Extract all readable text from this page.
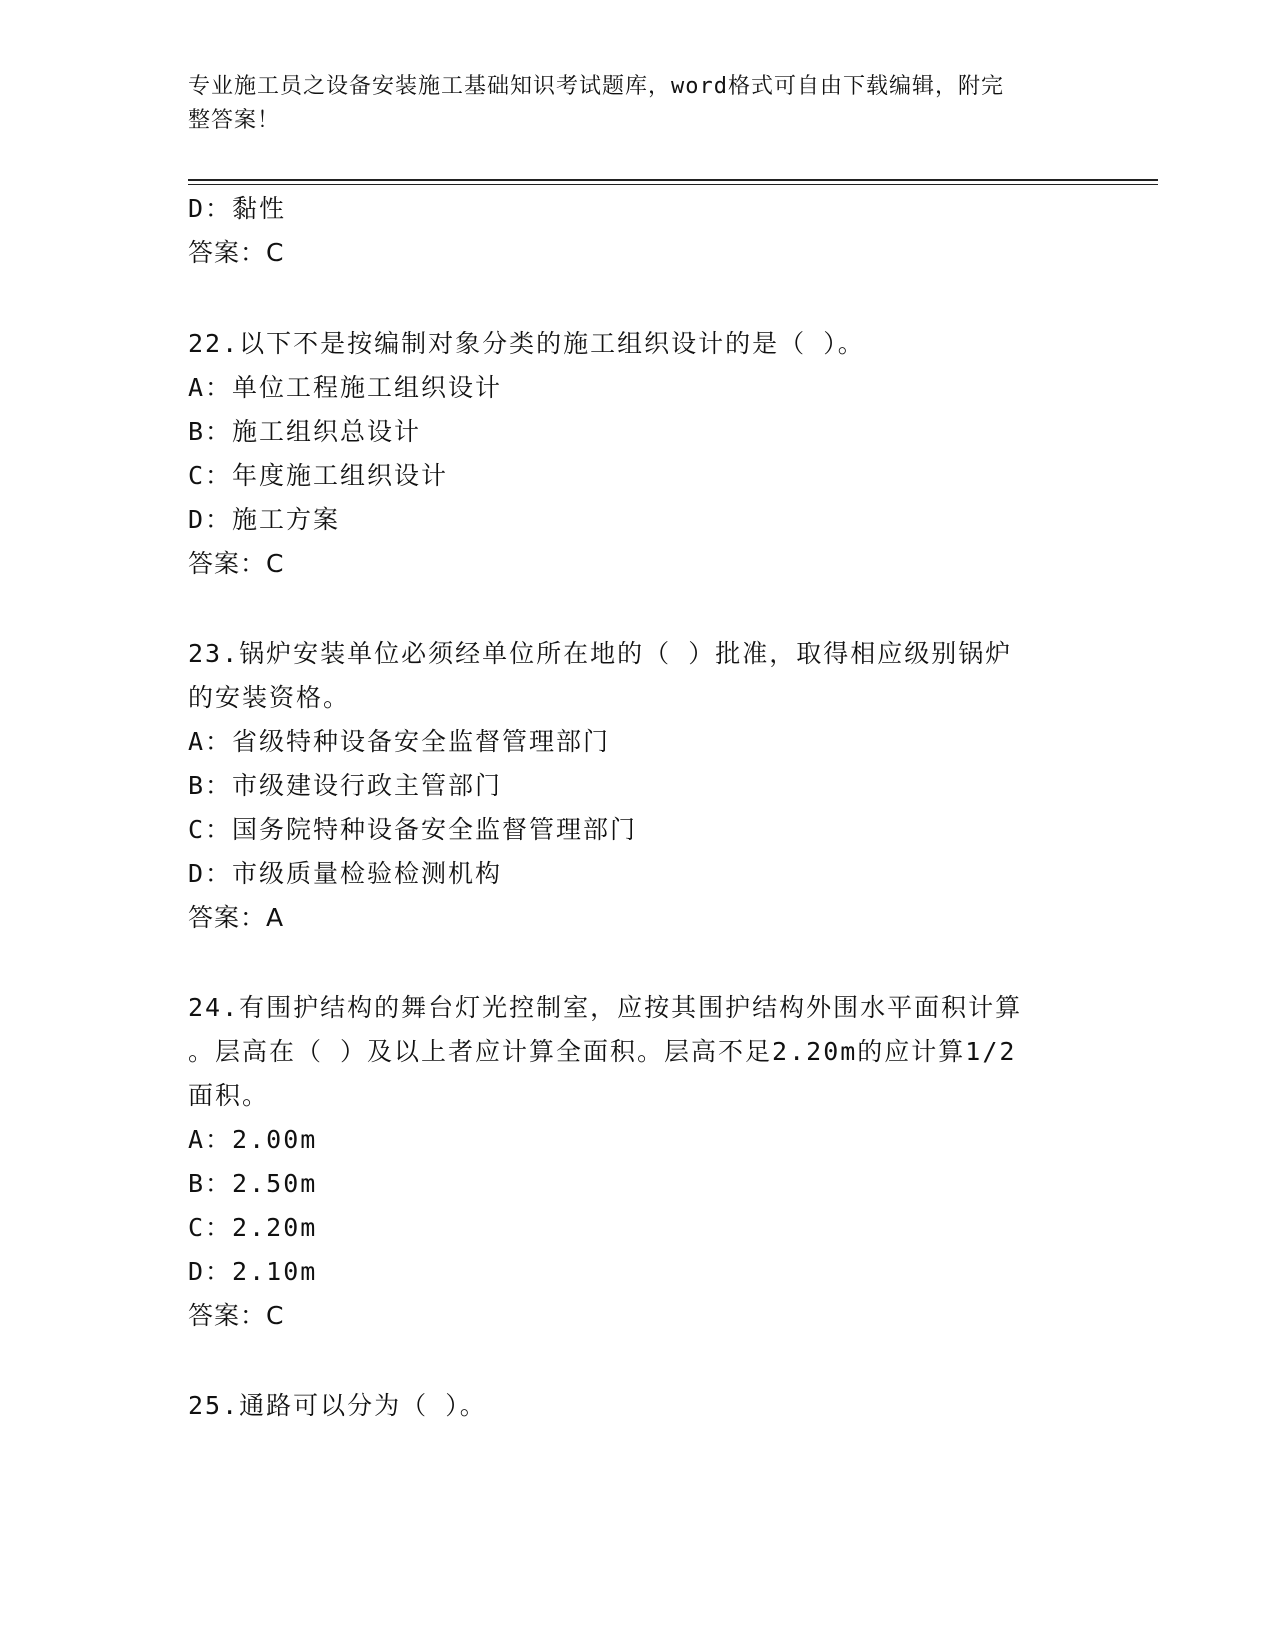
专业施工员之设备安装施工基础知识考试题库，word格式可自由下载编辑，附完
整答案！
D：黏性
答案：C
22.以下不是按编制对象分类的施工组织设计的是（ ）。
A：单位工程施工组织设计
B：施工组织总设计
C：年度施工组织设计
D：施工方案
答案：C
23.锅炉安装单位必须经单位所在地的（ ）批准，取得相应级别锅炉
的安装资格。
A：省级特种设备安全监督管理部门
B：市级建设行政主管部门
C：国务院特种设备安全监督管理部门
D：市级质量检验检测机构
答案：A
24.有围护结构的舞台灯光控制室，应按其围护结构外围水平面积计算
。层高在（ ）及以上者应计算全面积。层高不足2.20m的应计算1/2
面积。
A：2.00m
B：2.50m
C：2.20m
D：2.10m
答案：C
25.通路可以分为（ ）。
